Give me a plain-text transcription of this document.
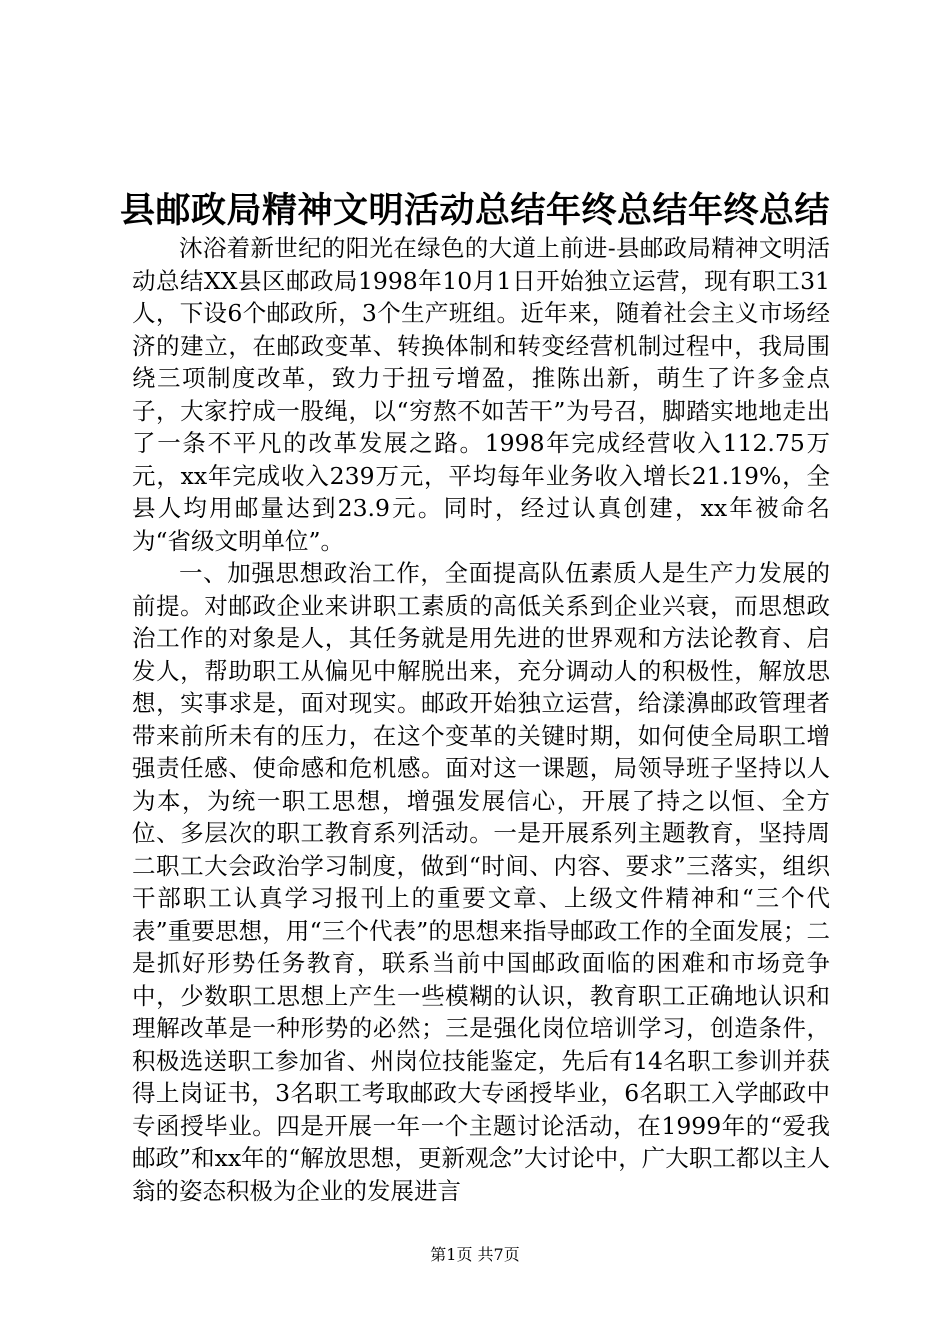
县邮政局精神文明活动总结年终总结年终总结

沐浴着新世纪的阳光在绿色的大道上前进-县邮政局精神文明活动总结XX县区邮政局1998年10月1日开始独立运营，现有职工31人，下设6个邮政所，3个生产班组。近年来，随着社会主义市场经济的建立，在邮政变革、转换体制和转变经营机制过程中，我局围绕三项制度改革，致力于扭亏增盈，推陈出新，萌生了许多金点子，大家拧成一股绳，以“穷熬不如苦干”为号召，脚踏实地地走出了一条不平凡的改革发展之路。1998年完成经营收入112.75万元，xx年完成收入239万元，平均每年业务收入增长21.19%，全县人均用邮量达到23.9元。同时，经过认真创建，xx年被命名为“省级文明单位”。

一、加强思想政治工作，全面提高队伍素质人是生产力发展的前提。对邮政企业来讲职工素质的高低关系到企业兴衰，而思想政治工作的对象是人，其任务就是用先进的世界观和方法论教育、启发人，帮助职工从偏见中解脱出来，充分调动人的积极性，解放思想，实事求是，面对现实。邮政开始独立运营，给漾濞邮政管理者带来前所未有的压力，在这个变革的关键时期，如何使全局职工增强责任感、使命感和危机感。面对这一课题，局领导班子坚持以人为本，为统一职工思想，增强发展信心，开展了持之以恒、全方位、多层次的职工教育系列活动。一是开展系列主题教育，坚持周二职工大会政治学习制度，做到“时间、内容、要求”三落实，组织干部职工认真学习报刊上的重要文章、上级文件精神和“三个代表”重要思想，用“三个代表”的思想来指导邮政工作的全面发展；二是抓好形势任务教育，联系当前中国邮政面临的困难和市场竞争中，少数职工思想上产生一些模糊的认识，教育职工正确地认识和理解改革是一种形势的必然；三是强化岗位培训学习，创造条件，积极选送职工参加省、州岗位技能鉴定，先后有14名职工参训并获得上岗证书，3名职工考取邮政大专函授毕业，6名职工入学邮政中专函授毕业。四是开展一年一个主题讨论活动，在1999年的“爱我邮政”和xx年的“解放思想，更新观念”大讨论中，广大职工都以主人翁的姿态积极为企业的发展进言

第1页 共7页
